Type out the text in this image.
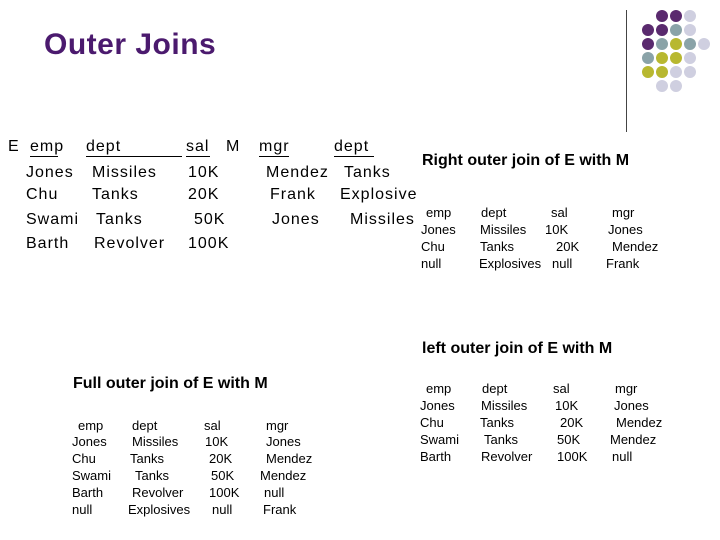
Outer Joins
E emp dept	sal
Jones Missiles 10K
Chu Tanks	20K
Swami Tanks	50K
Barth Revolver 100K
M mgr	dept
Mendez Tanks
Frank Explosive
Jones Missiles
Right outer join of E with M
emp dept	sal	mgr
Jones Missiles 10K	Jones
Chu	Tanks	20K	Mendez
null	Explosives null	Frank
left outer join of E with M
emp dept	sal	mgr
Jones Missiles 10K	Jones
Chu	Tanks	20K	Mendez
Swami Tanks	50K Mendez
Barth Revolver 100K null
Full outer join of E with M
emp dept	sal	mgr
Jones Missiles 10K	Jones
Chu	Tanks	20K	Mendez
Swami Tanks	50K Mendez
Barth Revolver 100K null
null	Explosives null Frank
